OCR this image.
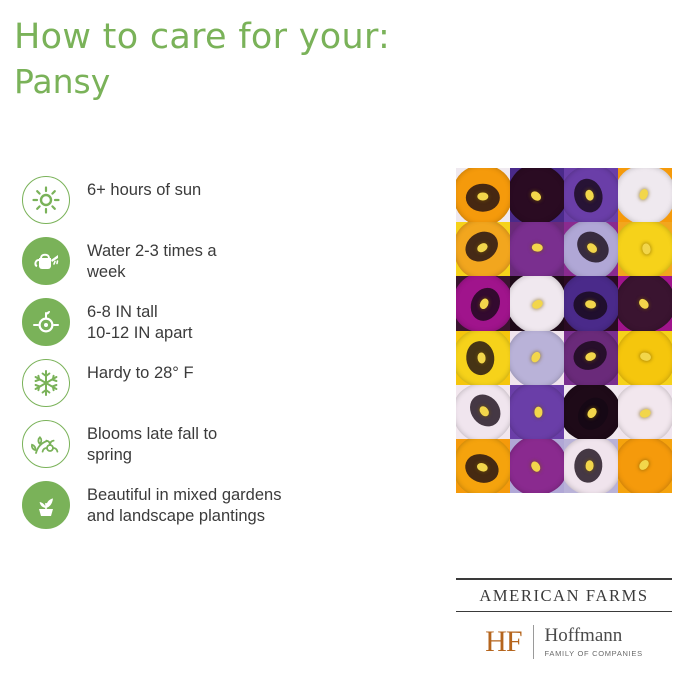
How to care for your:
Pansy
6+ hours of sun
Water 2-3 times a
week
6-8 IN tall
10-12 IN apart
Hardy to 28° F
Blooms late fall to
spring
Beautiful in mixed gardens
and landscape plantings
AMERICAN FARMS
HF	Hoffmann
FAMILY OF COMPANIES
